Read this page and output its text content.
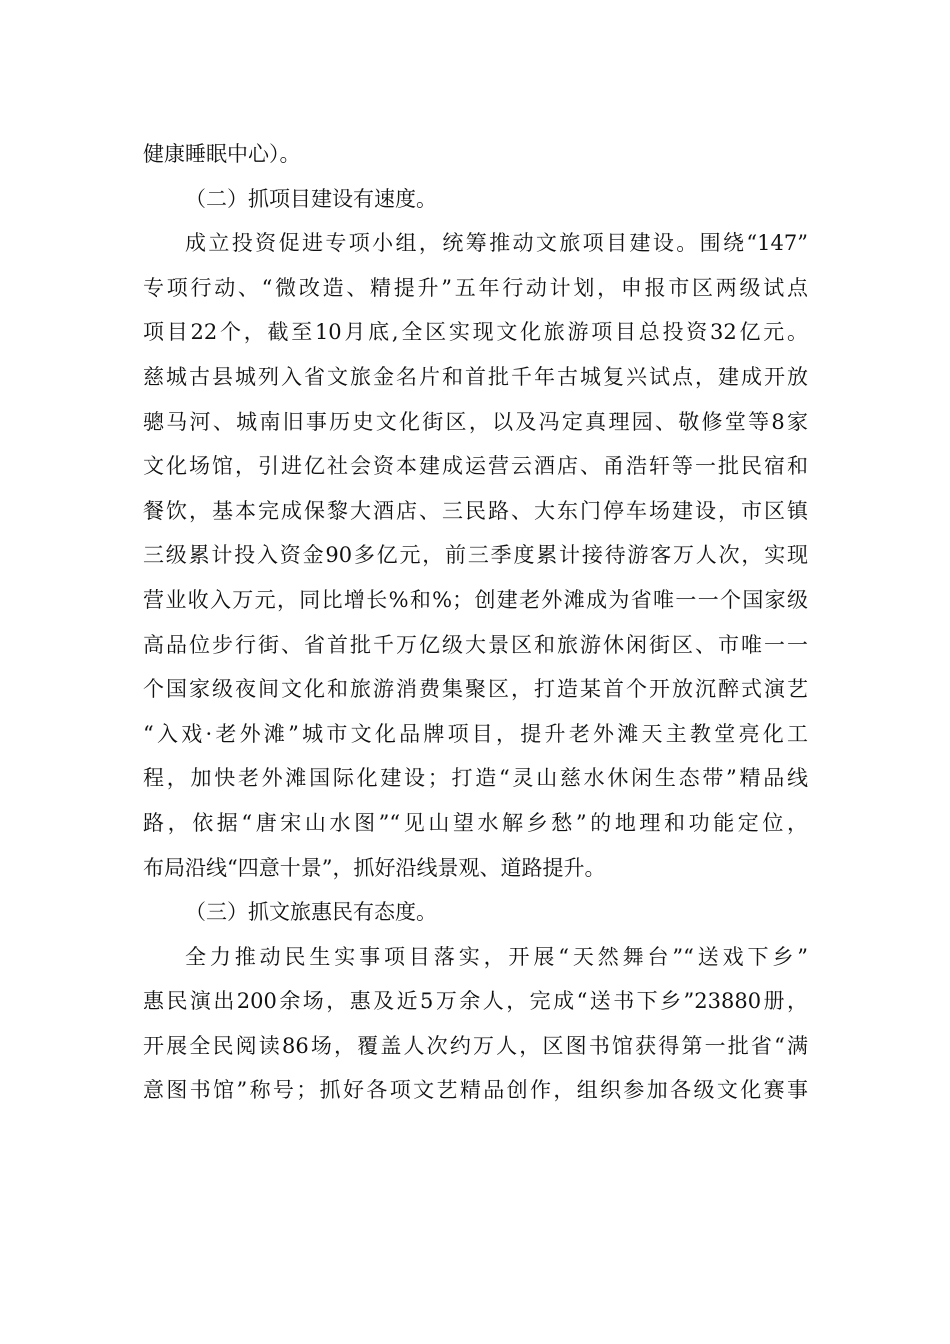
健康睡眠中心）。
（二）抓项目建设有速度。
成立投资促进专项小组，统筹推动文旅项目建设。围绕“147”
专项行动、“微改造、精提升”五年行动计划，申报市区两级试点
项目22个，截至10月底,全区实现文化旅游项目总投资32亿元。
慈城古县城列入省文旅金名片和首批千年古城复兴试点，建成开放
骢马河、城南旧事历史文化街区，以及冯定真理园、敬修堂等8家
文化场馆，引进亿社会资本建成运营云酒店、甬浩轩等一批民宿和
餐饮，基本完成保黎大酒店、三民路、大东门停车场建设，市区镇
三级累计投入资金90多亿元，前三季度累计接待游客万人次，实现
营业收入万元，同比增长%和%；创建老外滩成为省唯一一个国家级
高品位步行街、省首批千万亿级大景区和旅游休闲街区、市唯一一
个国家级夜间文化和旅游消费集聚区，打造某首个开放沉醉式演艺
“入戏·老外滩”城市文化品牌项目，提升老外滩天主教堂亮化工
程，加快老外滩国际化建设；打造“灵山慈水休闲生态带”精品线
路，依据“唐宋山水图”“见山望水解乡愁”的地理和功能定位，
布局沿线“四意十景”，抓好沿线景观、道路提升。
（三）抓文旅惠民有态度。
全力推动民生实事项目落实，开展“天然舞台”“送戏下乡”
惠民演出200余场，惠及近5万余人，完成“送书下乡”23880册，
开展全民阅读86场，覆盖人次约万人，区图书馆获得第一批省“满
意图书馆”称号；抓好各项文艺精品创作，组织参加各级文化赛事
